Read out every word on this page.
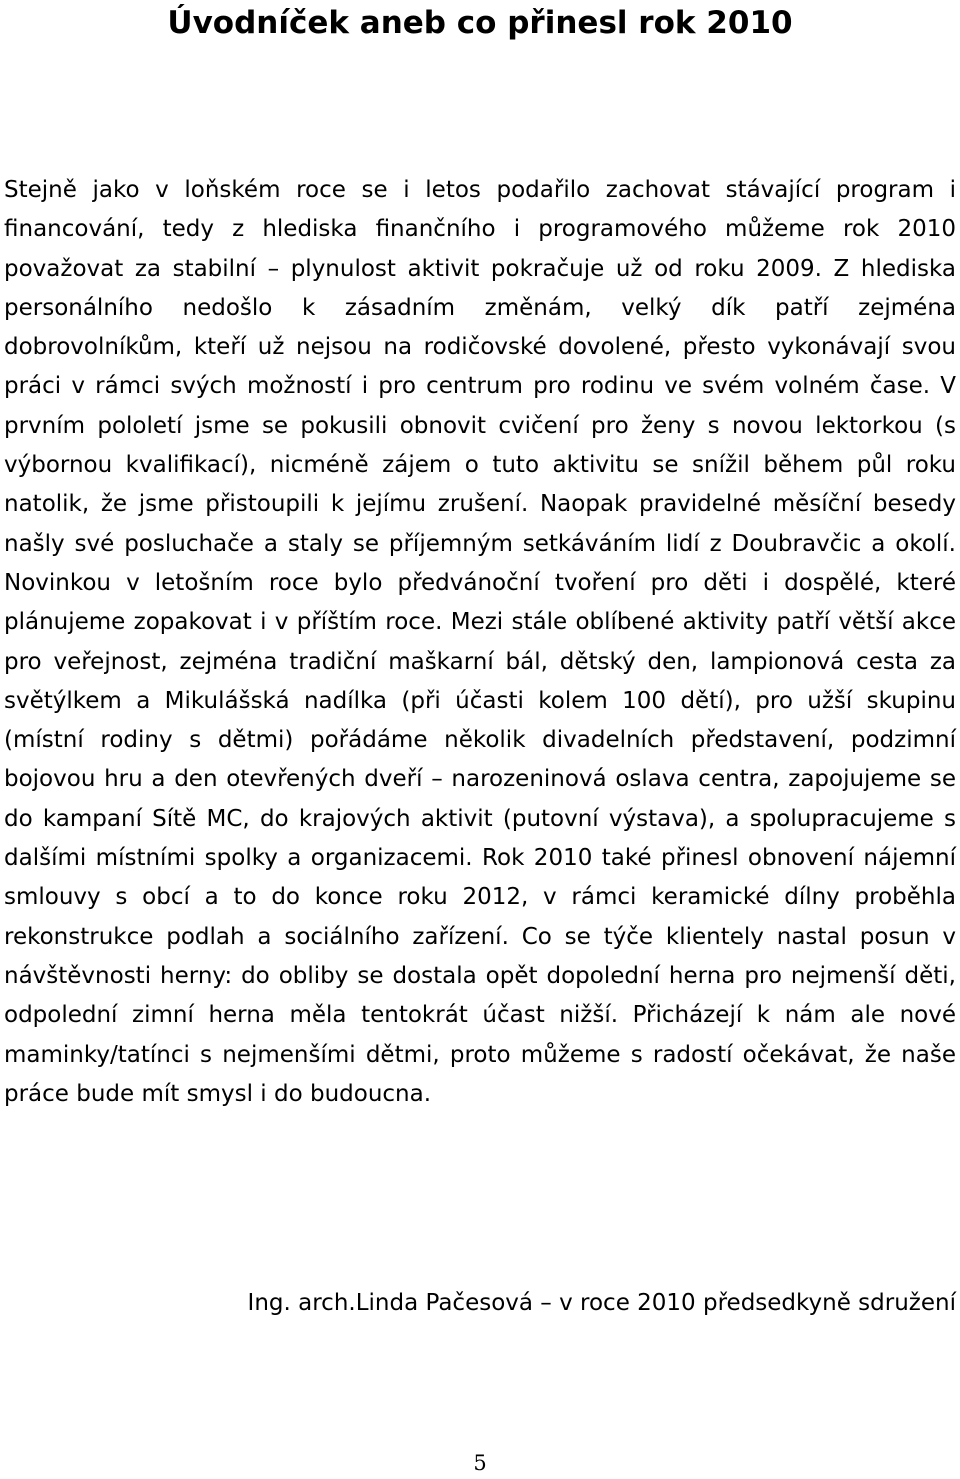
Úvodníček aneb co přinesl rok 2010

Stejně jako v loňském roce se i letos podařilo zachovat stávající program i financování, tedy z hlediska finančního i programového můžeme rok 2010 považovat za stabilní – plynulost aktivit pokračuje už od roku 2009. Z hlediska personálního nedošlo k zásadním změnám, velký dík patří zejména dobrovolníkům, kteří už nejsou na rodičovské dovolené, přesto vykonávají svou práci v rámci svých možností i pro centrum pro rodinu ve svém volném čase. V prvním pololetí jsme se pokusili obnovit cvičení pro ženy s novou lektorkou (s výbornou kvalifikací), nicméně zájem o tuto aktivitu se snížil během půl roku natolik, že jsme přistoupili k jejímu zrušení. Naopak pravidelné měsíční besedy našly své posluchače a staly se příjemným setkáváním lidí z Doubravčic a okolí. Novinkou v letošním roce bylo předvánoční tvoření pro děti i dospělé, které plánujeme zopakovat i v příštím roce. Mezi stále oblíbené aktivity patří větší akce pro veřejnost, zejména tradiční maškarní bál, dětský den, lampionová cesta za světýlkem a Mikulášská nadílka (při účasti kolem 100 dětí), pro užší skupinu (místní rodiny s dětmi) pořádáme několik divadelních představení, podzimní bojovou hru a den otevřených dveří – narozeninová oslava centra, zapojujeme se do kampaní Sítě MC, do krajových aktivit (putovní výstava), a spolupracujeme s dalšími místními spolky a organizacemi. Rok 2010 také přinesl obnovení nájemní smlouvy s obcí a to do konce roku 2012, v rámci keramické dílny proběhla rekonstrukce podlah a sociálního zařízení. Co se týče klientely nastal posun v návštěvnosti herny: do obliby se dostala opět dopolední herna pro nejmenší děti, odpolední zimní herna měla tentokrát účast nižší. Přicházejí k nám ale nové maminky/tatínci s nejmenšími dětmi, proto můžeme s radostí očekávat, že naše práce bude mít smysl i do budoucna.

Ing. arch.Linda Pačesová – v roce 2010 předsedkyně sdružení

5
